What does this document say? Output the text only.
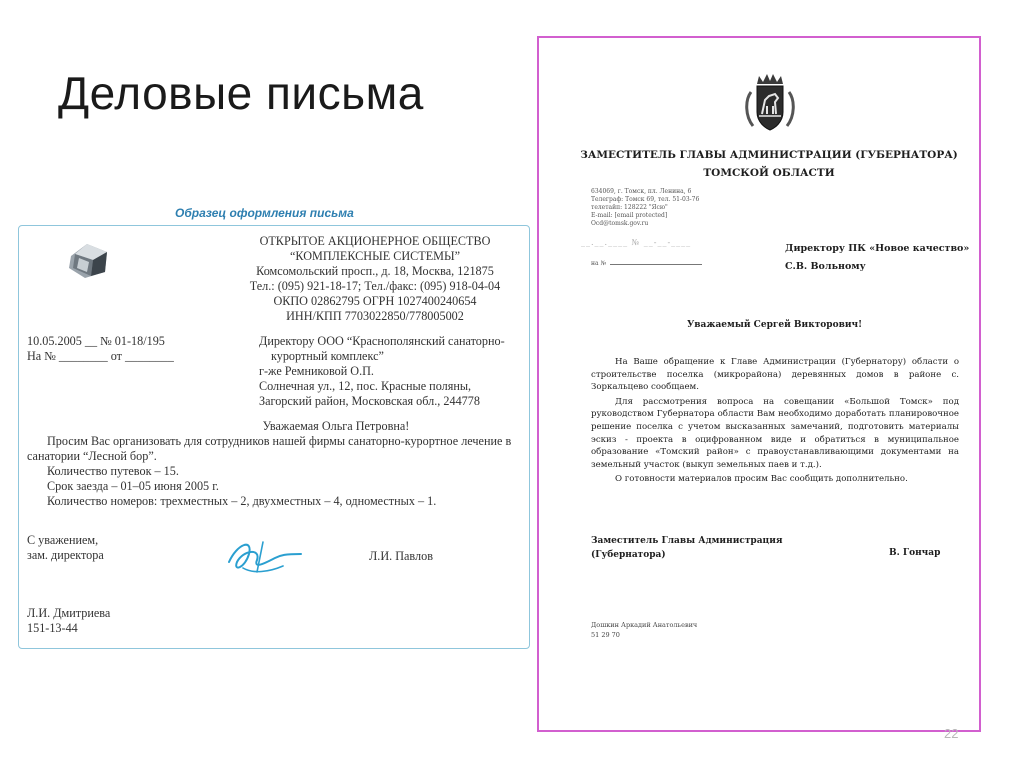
Деловые письма
Образец оформления письма
ОТКРЫТОЕ АКЦИОНЕРНОЕ ОБЩЕСТВО
“КОМПЛЕКСНЫЕ СИСТЕМЫ”
Комсомольский просп., д. 18, Москва, 121875
Тел.: (095) 921-18-17; Тел./факс: (095) 918-04-04
ОКПО 02862795 ОГРН 1027400240654
ИНН/КПП 7703022850/778005002
10.05.2005 __ № 01-18/195
На № ________ от ________
Директору ООО “Краснополянский санаторно-
курортный комплекс”
г-же Ремниковой О.П.
Солнечная ул., 12, пос. Красные поляны,
Загорский район, Московская обл., 244778
Уважаемая Ольга Петровна!
Просим Вас организовать для сотрудников нашей фирмы санаторно-курортное лечение в санатории “Лесной бор”.
Количество путевок – 15.
Срок заезда – 01–05 июня 2005 г.
Количество номеров: трехместных – 2, двухместных – 4, одноместных – 1.
С уважением,
зам. директора	Л.И. Павлов
Л.И. Дмитриева
151-13-44
ЗАМЕСТИТЕЛЬ ГЛАВЫ АДМИНИСТРАЦИИ (ГУБЕРНАТОРА)
ТОМСКОЙ ОБЛАСТИ
634069, г. Томск, пл. Ленина, 6
Телеграф: Томск 69, тел. 51-03-76
телетайп: 128222 "Ясю"
E-mail: [email protected]
Ocd@tomsk.gov.ru
__.__.____ № __-__-____
на №
Директору ПК «Новое качество»
С.В. Вольному
Уважаемый Сергей Викторович!

На Ваше обращение к Главе Администрации (Губернатору) области о строительстве поселка (микрорайона) деревянных домов в районе с. Зоркальцево сообщаем.

Для рассмотрения вопроса на совещании «Большой Томск» под руководством Губернатора области Вам необходимо доработать планировочное решение поселка с учетом высказанных замечаний, подготовить материалы эскиз - проекта в оцифрованном виде и обратиться в муниципальное образование «Томский район» с правоустанавливающими документами на земельный участок (выкуп земельных паев и т.д.).

О готовности материалов просим Вас сообщить дополнительно.

Заместитель Главы Администрация
(Губернатора)	В. Гончар
Дошкин Аркадий Анатольевич
51 29 70
22
